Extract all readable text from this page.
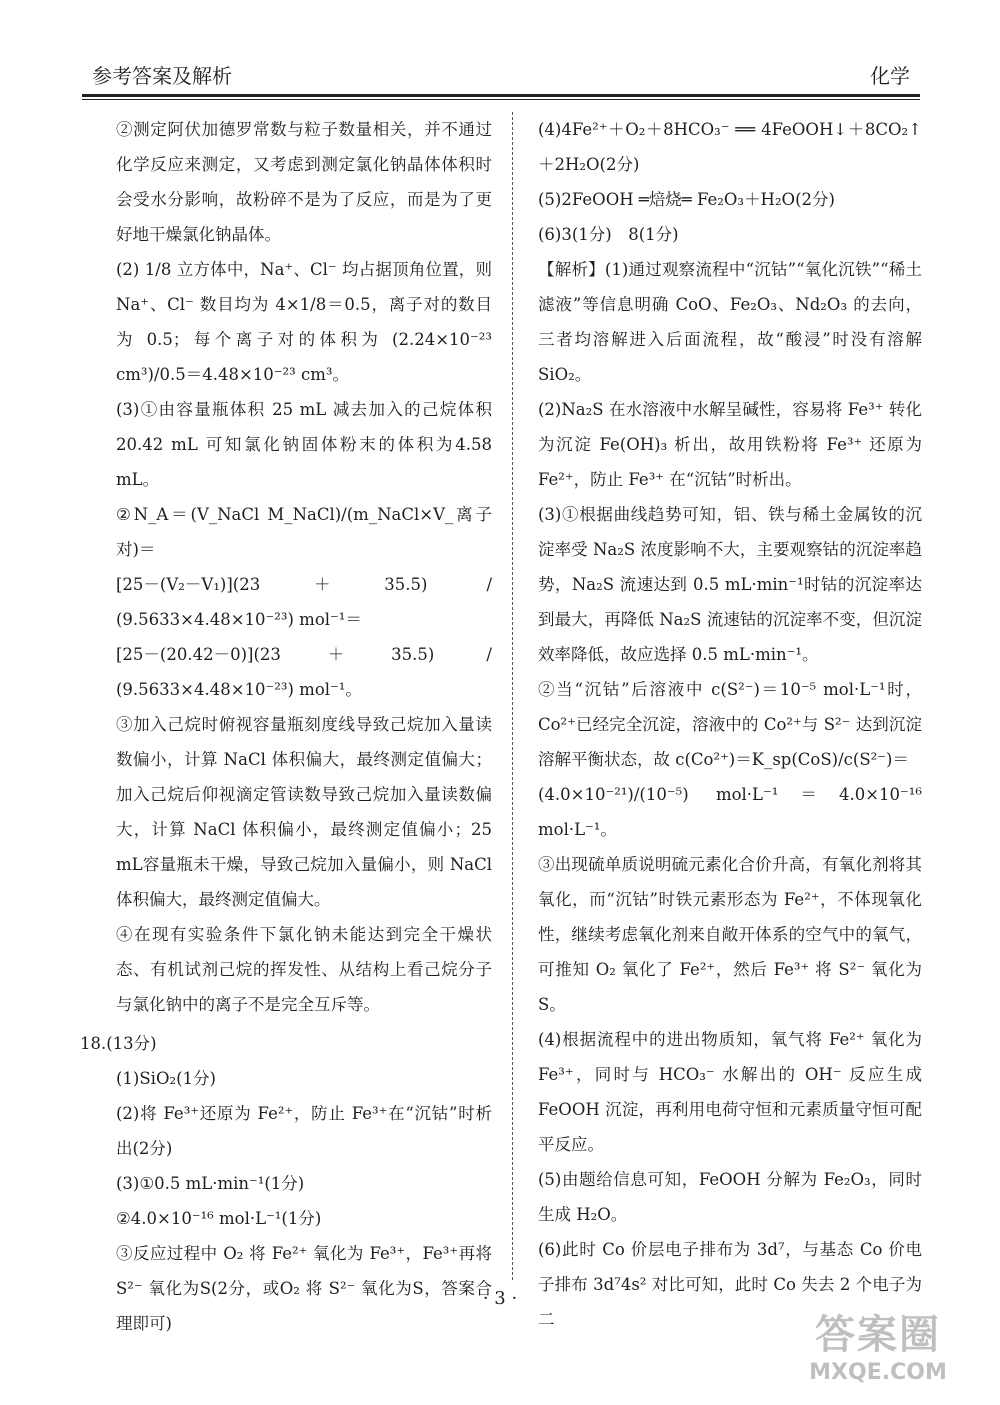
参考答案及解析	化学

②测定阿伏加德罗常数与粒子数量相关，并不通过化学反应来测定，又考虑到测定氯化钠晶体体积时会受水分影响，故粉碎不是为了反应，而是为了更好地干燥氯化钠晶体。

(2) 1/8 立方体中，Na⁺、Cl⁻ 均占据顶角位置，则 Na⁺、Cl⁻ 数目均为 4×1/8＝0.5，离子对的数目为 0.5；每个离子对的体积为 (2.24×10⁻²³ cm³)/0.5＝4.48×10⁻²³ cm³。

(3)①由容量瓶体积 25 mL 减去加入的己烷体积 20.42 mL 可知氯化钠固体粉末的体积为4.58 mL。

②N_A＝(V_NaCl M_NaCl)/(m_NaCl×V_离子对)＝

[25－(V₂－V₁)](23＋35.5) / (9.5633×4.48×10⁻²³) mol⁻¹＝

[25－(20.42－0)](23＋35.5) / (9.5633×4.48×10⁻²³) mol⁻¹。

③加入己烷时俯视容量瓶刻度线导致己烷加入量读数偏小，计算 NaCl 体积偏大，最终测定值偏大；加入己烷后仰视滴定管读数导致己烷加入量读数偏大，计算 NaCl 体积偏小，最终测定值偏小；25 mL容量瓶未干燥，导致己烷加入量偏小，则 NaCl 体积偏大，最终测定值偏大。

④在现有实验条件下氯化钠未能达到完全干燥状态、有机试剂己烷的挥发性、从结构上看己烷分子与氯化钠中的离子不是完全互斥等。

18.(13分)

(1)SiO₂(1分)

(2)将 Fe³⁺还原为 Fe²⁺，防止 Fe³⁺在“沉钴”时析出(2分)

(3)①0.5 mL·min⁻¹(1分)

②4.0×10⁻¹⁶ mol·L⁻¹(1分)

③反应过程中 O₂ 将 Fe²⁺ 氧化为 Fe³⁺，Fe³⁺再将 S²⁻ 氧化为S(2分，或O₂ 将 S²⁻ 氧化为S，答案合理即可)

(4)4Fe²⁺＋O₂＋8HCO₃⁻ ══ 4FeOOH↓＋8CO₂↑＋2H₂O(2分)

(5)2FeOOH ═焙烧═ Fe₂O₃＋H₂O(2分)

(6)3(1分)　8(1分)

【解析】(1)通过观察流程中“沉钴”“氧化沉铁”“稀土滤液”等信息明确 CoO、Fe₂O₃、Nd₂O₃ 的去向，三者均溶解进入后面流程，故“酸浸”时没有溶解 SiO₂。

(2)Na₂S 在水溶液中水解呈碱性，容易将 Fe³⁺ 转化为沉淀 Fe(OH)₃ 析出，故用铁粉将 Fe³⁺ 还原为 Fe²⁺，防止 Fe³⁺ 在“沉钴”时析出。

(3)①根据曲线趋势可知，铝、铁与稀土金属钕的沉淀率受 Na₂S 浓度影响不大，主要观察钴的沉淀率趋势，Na₂S 流速达到 0.5 mL·min⁻¹时钴的沉淀率达到最大，再降低 Na₂S 流速钴的沉淀率不变，但沉淀效率降低，故应选择 0.5 mL·min⁻¹。

②当“沉钴”后溶液中 c(S²⁻)＝10⁻⁵ mol·L⁻¹时，Co²⁺已经完全沉淀，溶液中的 Co²⁺与 S²⁻ 达到沉淀溶解平衡状态，故 c(Co²⁺)＝K_sp(CoS)/c(S²⁻)＝

(4.0×10⁻²¹)/(10⁻⁵) mol·L⁻¹＝4.0×10⁻¹⁶ mol·L⁻¹。

③出现硫单质说明硫元素化合价升高，有氧化剂将其氧化，而“沉钴”时铁元素形态为 Fe²⁺，不体现氧化性，继续考虑氧化剂来自敞开体系的空气中的氧气，可推知 O₂ 氧化了 Fe²⁺，然后 Fe³⁺ 将 S²⁻ 氧化为 S。

(4)根据流程中的进出物质知，氧气将 Fe²⁺ 氧化为 Fe³⁺，同时与 HCO₃⁻ 水解出的 OH⁻ 反应生成 FeOOH 沉淀，再利用电荷守恒和元素质量守恒可配平反应。

(5)由题给信息可知，FeOOH 分解为 Fe₂O₃，同时生成 H₂O。

(6)此时 Co 价层电子排布为 3d⁷，与基态 Co 价电子排布 3d⁷4s² 对比可知，此时 Co 失去 2 个电子为二

· 3 ·
答案圈
MXQE.COM
